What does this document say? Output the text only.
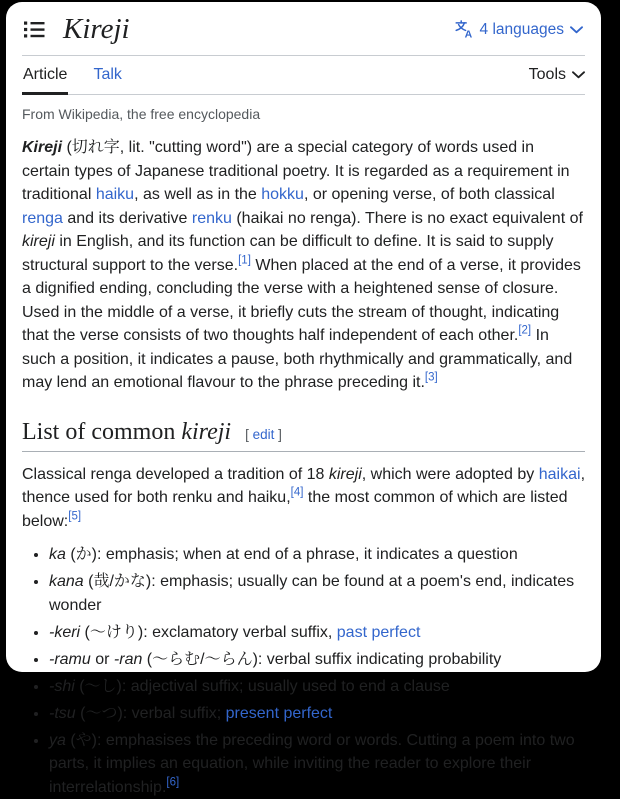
Kireji	A 4 languages
Article Talk	Tools

From Wikipedia, the free encyclopedia

Kireji (切れ字, lit. "cutting word") are a special category of words used in certain types of Japanese traditional poetry. It is regarded as a requirement in traditional haiku, as well as in the hokku, or opening verse, of both classical renga and its derivative renku (haikai no renga). There is no exact equivalent of kireji in English, and its function can be difficult to define. It is said to supply structural support to the verse.[1] When placed at the end of a verse, it provides a dignified ending, concluding the verse with a heightened sense of closure. Used in the middle of a verse, it briefly cuts the stream of thought, indicating that the verse consists of two thoughts half independent of each other.[2] In such a position, it indicates a pause, both rhythmically and grammatically, and may lend an emotional flavour to the phrase preceding it.[3]

List of common kireji [ edit ]

Classical renga developed a tradition of 18 kireji, which were adopted by haikai, thence used for both renku and haiku,[4] the most common of which are listed below:[5]

• ka (か): emphasis; when at end of a phrase, it indicates a question
• kana (哉/かな): emphasis; usually can be found at a poem's end, indicates wonder
• -keri (〜けり): exclamatory verbal suffix, past perfect
• -ramu or -ran (〜らむ/〜らん): verbal suffix indicating probability
• -shi (〜し): adjectival suffix; usually used to end a clause
• -tsu (〜つ): verbal suffix; present perfect
• ya (や): emphasises the preceding word or words. Cutting a poem into two parts, it implies an equation, while inviting the reader to explore their interrelationship.[6]
